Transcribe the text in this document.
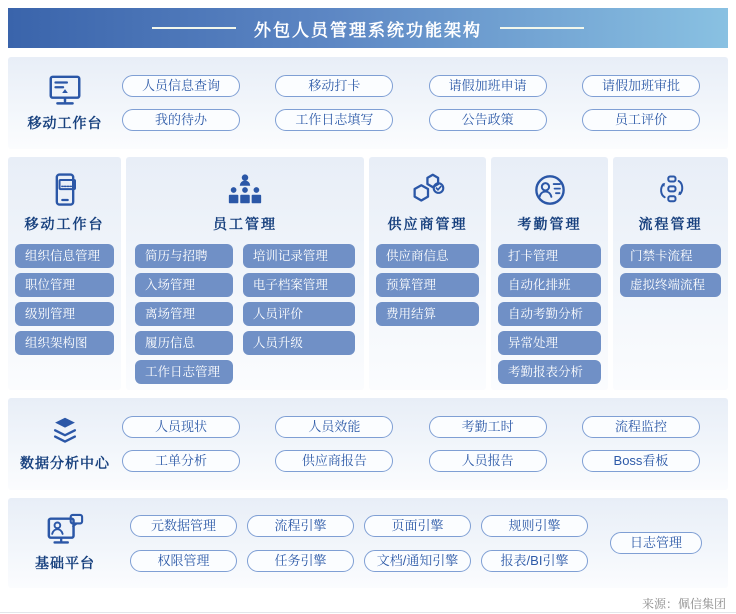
外包人员管理系统功能架构
移动工作台
人员信息查询	移动打卡	请假加班申请	请假加班审批
我的待办	工作日志填写	公告政策	员工评价
移动工作台
组织信息管理
职位管理
级别管理
组织架构图
员工管理
简历与招聘
入场管理
离场管理
履历信息
工作日志管理
培训记录管理
电子档案管理
人员评价
人员升级
供应商管理
供应商信息
预算管理
费用结算
考勤管理
打卡管理
自动化排班
自动考勤分析
异常处理
考勤报表分析
流程管理
门禁卡流程
虚拟终端流程
数据分析中心
人员现状	人员效能	考勤工时	流程监控
工单分析	供应商报告	人员报告	Boss看板
基础平台
元数据管理	流程引擎	页面引擎	规则引擎
权限管理	任务引擎	文档/通知引擎	报表/BI引擎
日志管理
来源：佩信集团
